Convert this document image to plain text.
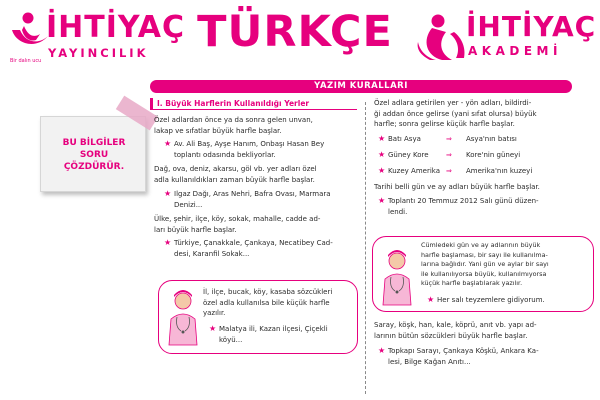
İHTİYAÇ
YAYINCILIK
Bir dalın ucu
TÜRKÇE	İHTİYAÇ
AKADEMİ
YAZIM KURALLARI
BU BİLGİLER
SORU
ÇÖZDÜRÜR.
I. Büyük Harflerin Kullanıldığı Yerler
Özel adlardan önce ya da sonra gelen unvan,
lakap ve sıfatlar büyük harfle başlar.
★ Av. Ali Baş, Ayşe Hanım, Onbaşı Hasan Bey
toplantı odasında bekliyorlar.
Dağ, ova, deniz, akarsu, göl vb. yer adları özel
adla kullanıldıkları zaman büyük harfle başlar.
★ Ilgaz Dağı, Aras Nehri, Bafra Ovası, Marmara
Denizi...
Ülke, şehir, ilçe, köy, sokak, mahalle, cadde ad-
ları büyük harfle başlar.
★ Türkiye, Çanakkale, Çankaya, Necatibey Cad-
desi, Karanfil Sokak...
İl, ilçe, bucak, köy, kasaba sözcükleri
özel adla kullanılsa bile küçük harfle
yazılır.
★ Malatya ili, Kazan ilçesi, Çiçekli
köyü...
Özel adlara getirilen yer - yön adları, bildirdi-
ği addan önce gelirse (yani sıfat olursa) büyük
harfle; sonra gelirse küçük harfle başlar.
★ Batı Asya	⇒ Asya'nın batısı
★ Güney Kore ⇒ Kore'nin güneyi
★ Kuzey Amerika ⇒ Amerika'nın kuzeyi
Tarihi belli gün ve ay adları büyük harfle başlar.
★ Toplantı 20 Temmuz 2012 Salı günü düzen-
lendi.
Cümledeki gün ve ay adlarının büyük
harfle başlaması, bir sayı ile kullanılma-
larına bağlıdır. Yani gün ve aylar bir sayı
ile kullanılıyorsa büyük, kullanılmıyorsa
küçük harfle başlatılarak yazılır.
★ Her salı teyzemlere gidiyorum.
Saray, köşk, han, kale, köprü, anıt vb. yapı ad-
larının bütün sözcükleri büyük harfle başlar.
★ Topkapı Sarayı, Çankaya Köşkü, Ankara Ka-
lesi, Bilge Kağan Anıtı...
